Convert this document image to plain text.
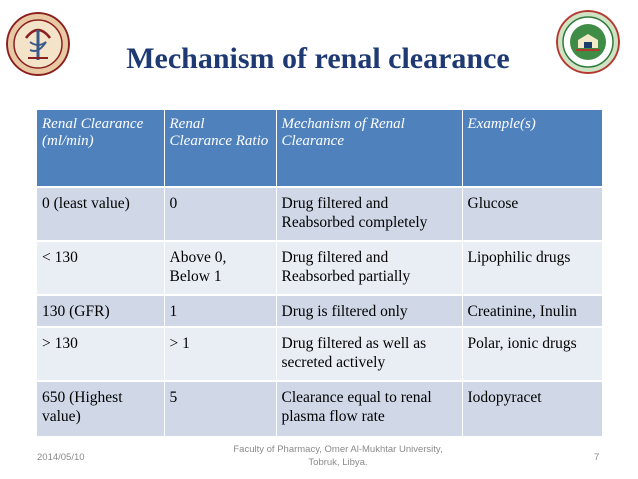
Mechanism of renal clearance
Renal Clearance (ml/min)	Renal Clearance Ratio	Mechanism of Renal Clearance	Example(s)
0 (least value)	0	Drug filtered and Reabsorbed completely	Glucose
< 130	Above 0, Below 1	Drug filtered and Reabsorbed partially	Lipophilic drugs
130 (GFR)	1	Drug is filtered only	Creatinine, Inulin
> 130	> 1	Drug filtered as well as secreted actively	Polar, ionic drugs
650 (Highest value)	5	Clearance equal to renal plasma flow rate	Iodopyracet
2014/05/10
Faculty of Pharmacy, Omer Al-Mukhtar University,
Tobruk, Libya.	7
